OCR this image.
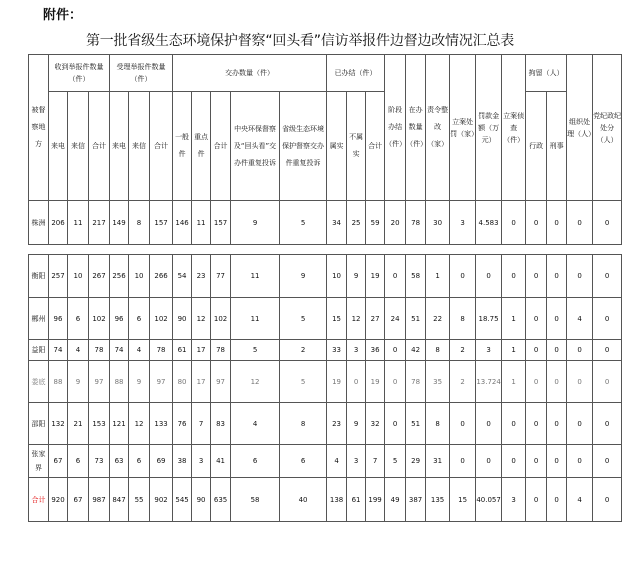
附件：
第一批省级生态环境保护督察“回头看”信访举报件边督边改情况汇总表
被督察地方	收到举报件数量（件）			受理举报件数量（件）			交办数量（件）					已办结（件）			阶段办结（件）	在办数量（件）	责令整改（家）	立案处罚（家）	罚款金额（万元）	立案侦查（件）	拘留（人）		组织处理（人）	党纪政纪处分（人）
	来电	来信	合计	来电	来信	合计																		
							一般件	重点件	合计	中央环保督察及“回头看”交办件重复投诉	省级生态环境保护督察交办件重复投诉	属实	不属实	合计							行政	刑事		
株洲	206	11	217	149	8	157	146	11	157	9	5	34	25	59	20	78	30	3	4.583	0	0	0	0	0

衡阳	257	10	267	256	10	266	54	23	77	11	9	10	9	19	0	58	1	0	0	0	0	0	0	0
郴州	96	6	102	96	6	102	90	12	102	11	5	15	12	27	24	51	22	8	18.75	1	0	0	4	0
益阳	74	4	78	74	4	78	61	17	78	5	2	33	3	36	0	42	8	2	3	1	0	0	0	0
娄底	88	9	97	88	9	97	80	17	97	12	5	19	0	19	0	78	35	2	13.724	1	0	0	0	0
邵阳	132	21	153	121	12	133	76	7	83	4	8	23	9	32	0	51	8	0	0	0	0	0	0	0
张家界	67	6	73	63	6	69	38	3	41	6	6	4	3	7	5	29	31	0	0	0	0	0	0	0
合计	920	67	987	847	55	902	545	90	635	58	40	138	61	199	49	387	135	15	40.057	3	0	0	4	0
